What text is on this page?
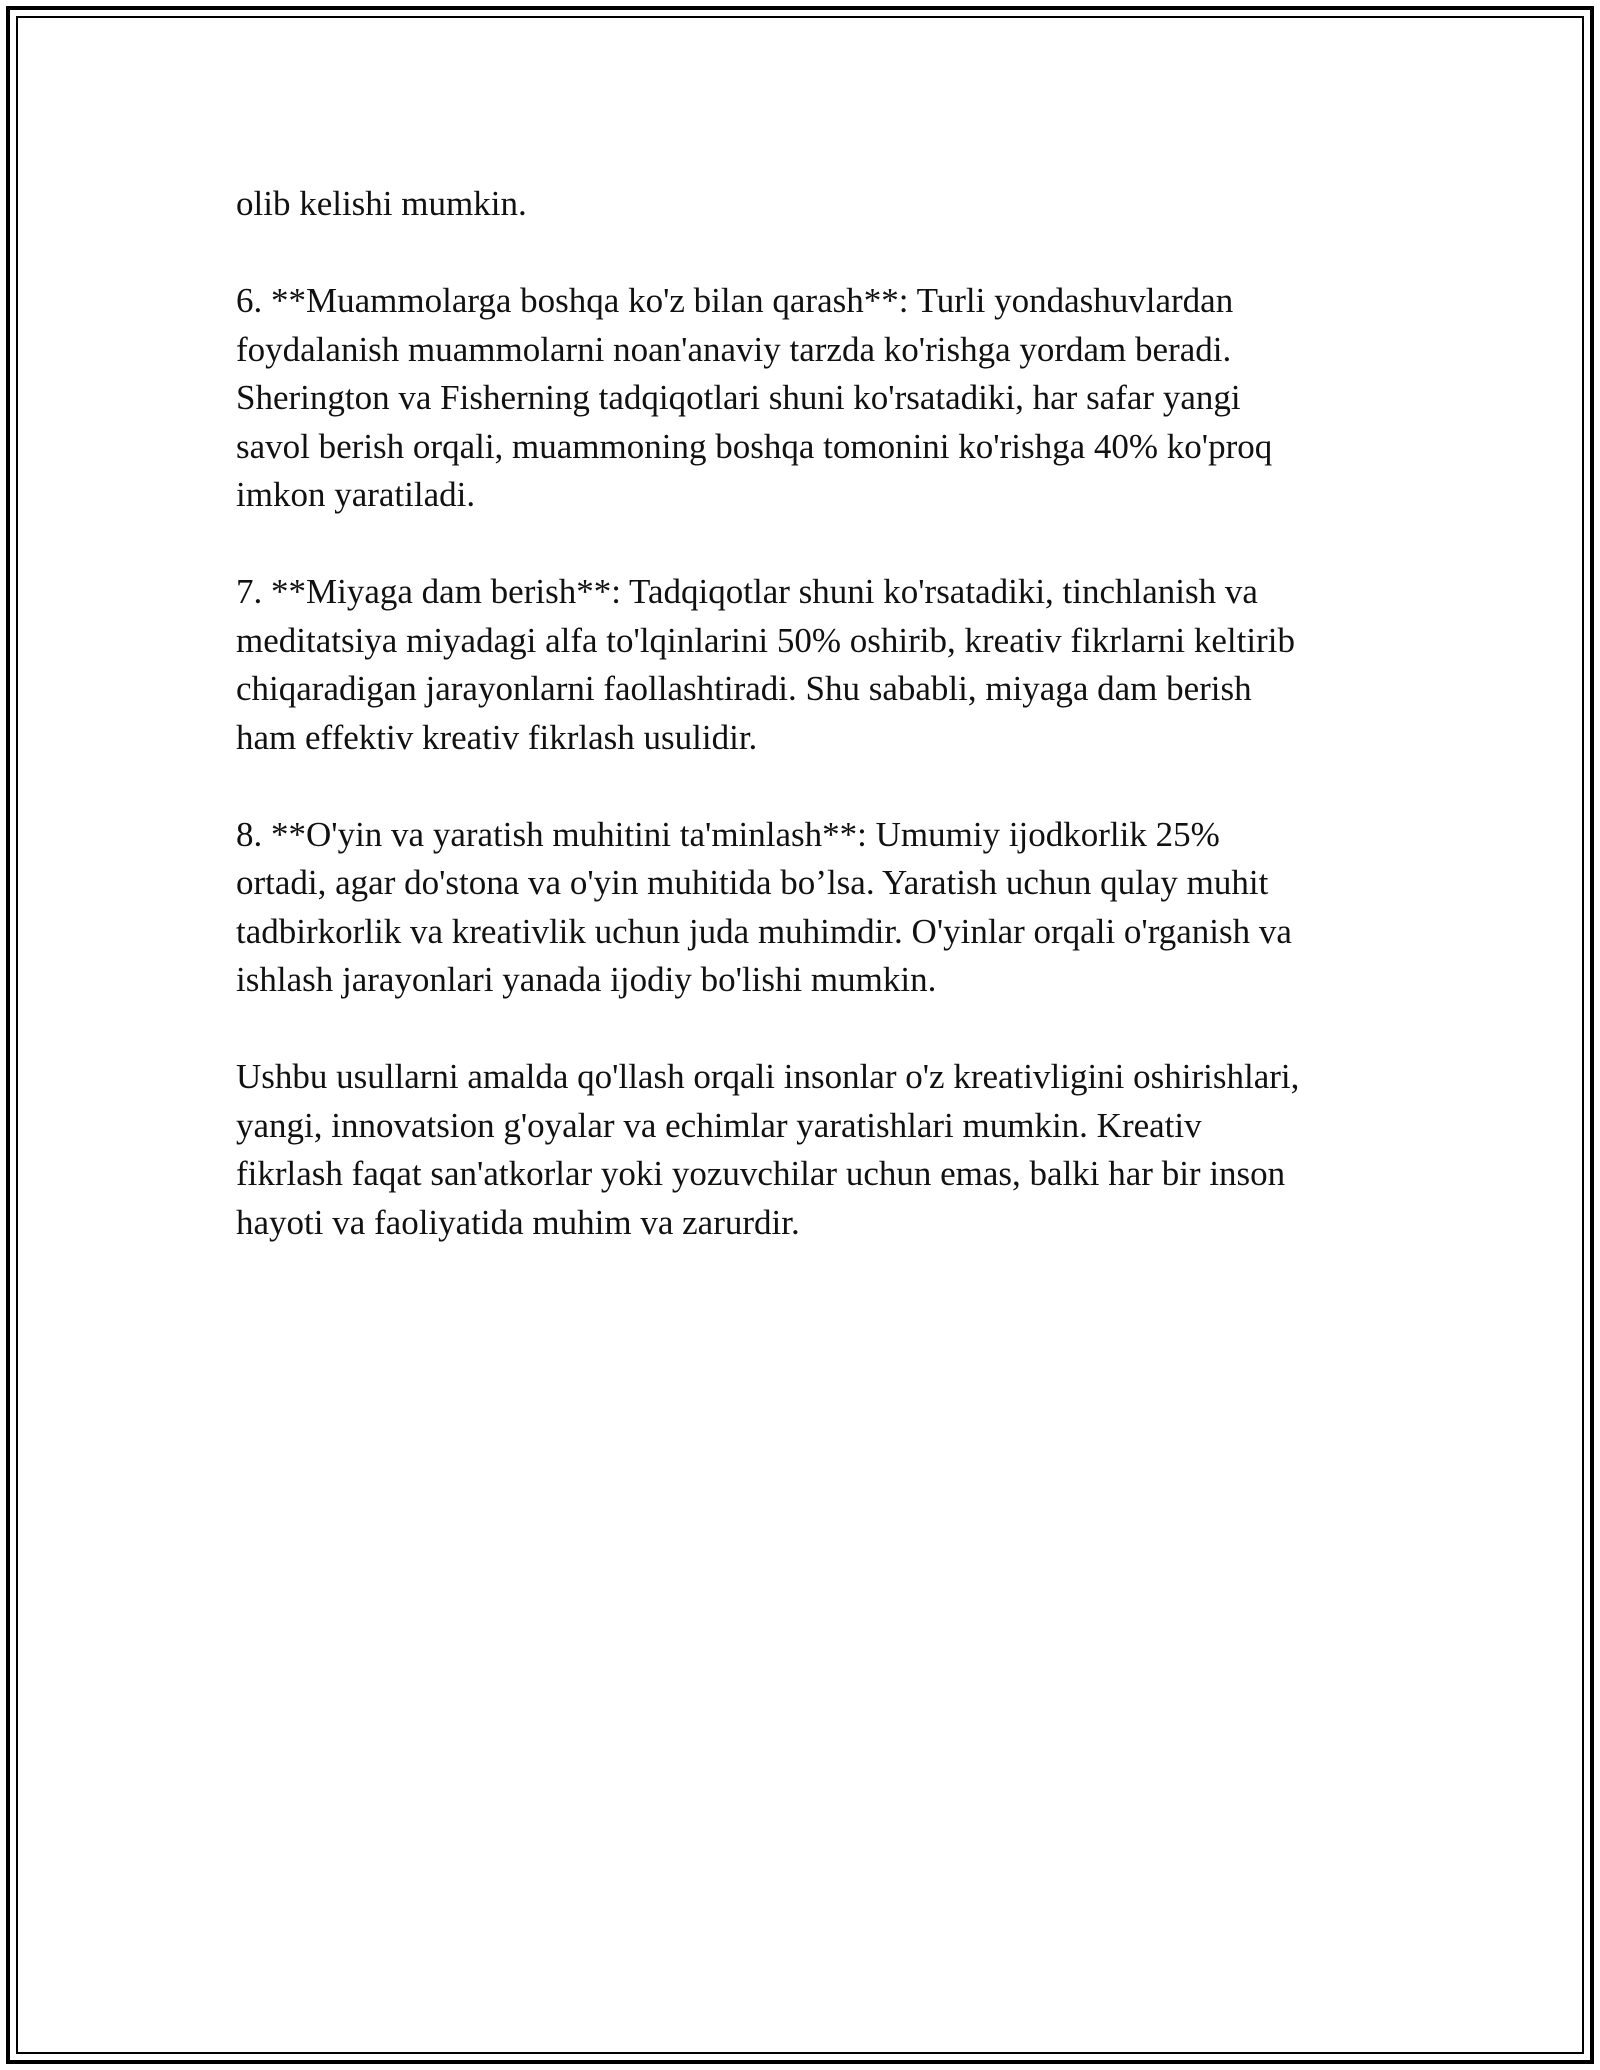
olib kelishi mumkin.

6. **Muammolarga boshqa ko'z bilan qarash**: Turli yondashuvlardan
foydalanish muammolarni noan'anaviy tarzda ko'rishga yordam beradi.
Sherington va Fisherning tadqiqotlari shuni ko'rsatadiki, har safar yangi
savol berish orqali, muammoning boshqa tomonini ko'rishga 40% ko'proq
imkon yaratiladi.

7. **Miyaga dam berish**: Tadqiqotlar shuni ko'rsatadiki, tinchlanish va
meditatsiya miyadagi alfa to'lqinlarini 50% oshirib, kreativ fikrlarni keltirib
chiqaradigan jarayonlarni faollashtiradi. Shu sababli, miyaga dam berish
ham effektiv kreativ fikrlash usulidir.

8. **O'yin va yaratish muhitini ta'minlash**: Umumiy ijodkorlik 25%
ortadi, agar do'stona va o'yin muhitida bo’lsa. Yaratish uchun qulay muhit
tadbirkorlik va kreativlik uchun juda muhimdir. O'yinlar orqali o'rganish va
ishlash jarayonlari yanada ijodiy bo'lishi mumkin.

Ushbu usullarni amalda qo'llash orqali insonlar o'z kreativligini oshirishlari,
yangi, innovatsion g'oyalar va echimlar yaratishlari mumkin. Kreativ
fikrlash faqat san'atkorlar yoki yozuvchilar uchun emas, balki har bir inson
hayoti va faoliyatida muhim va zarurdir.
